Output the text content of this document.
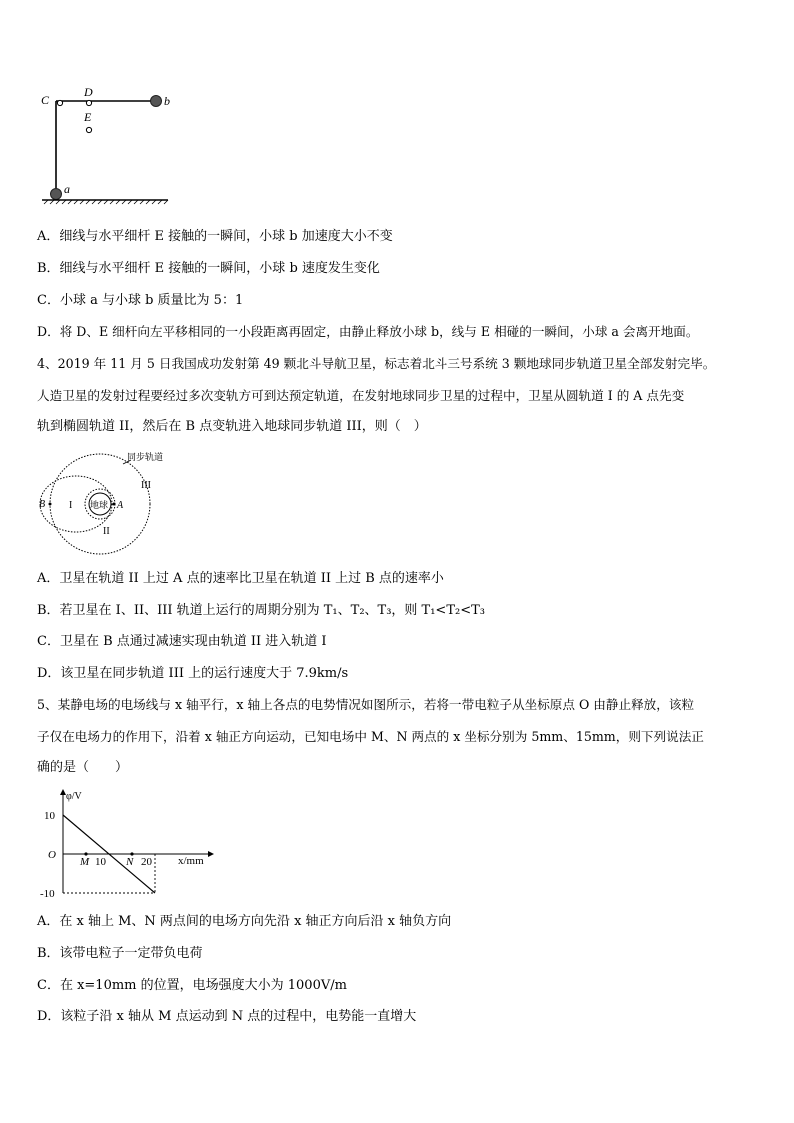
C
D
E
b
a
A．细线与水平细杆 E 接触的一瞬间，小球 b 加速度大小不变
B．细线与水平细杆 E 接触的一瞬间，小球 b 速度发生变化
C．小球 a 与小球 b 质量比为 5：1
D．将 D、E 细杆向左平移相同的一小段距离再固定，由静止释放小球 b，线与 E 相碰的一瞬间，小球 a 会离开地面。
4、2019 年 11 月 5 日我国成功发射第 49 颗北斗导航卫星，标志着北斗三号系统 3 颗地球同步轨道卫星全部发射完毕。
人造卫星的发射过程要经过多次变轨方可到达预定轨道，在发射地球同步卫星的过程中，卫星从圆轨道 I 的 A 点先变
轨到椭圆轨道 II，然后在 B 点变轨进入地球同步轨道 III，则（　）
地球 A
B I
II
III
同步轨道
A．卫星在轨道 II 上过 A 点的速率比卫星在轨道 II 上过 B 点的速率小
B．若卫星在 I、II、III 轨道上运行的周期分别为 T₁、T₂、T₃，则 T₁<T₂<T₃
C．卫星在 B 点通过减速实现由轨道 II 进入轨道 I
D．该卫星在同步轨道 III 上的运行速度大于 7.9km/s
5、某静电场的电场线与 x 轴平行，x 轴上各点的电势情况如图所示，若将一带电粒子从坐标原点 O 由静止释放，该粒
子仅在电场力的作用下，沿着 x 轴正方向运动，已知电场中 M、N 两点的 x 坐标分别为 5mm、15mm，则下列说法正
确的是（　　）
φ/V
10
O
-10
M 10 N 20 x/mm
A．在 x 轴上 M、N 两点间的电场方向先沿 x 轴正方向后沿 x 轴负方向
B．该带电粒子一定带负电荷
C．在 x=10mm 的位置，电场强度大小为 1000V/m
D．该粒子沿 x 轴从 M 点运动到 N 点的过程中，电势能一直增大
